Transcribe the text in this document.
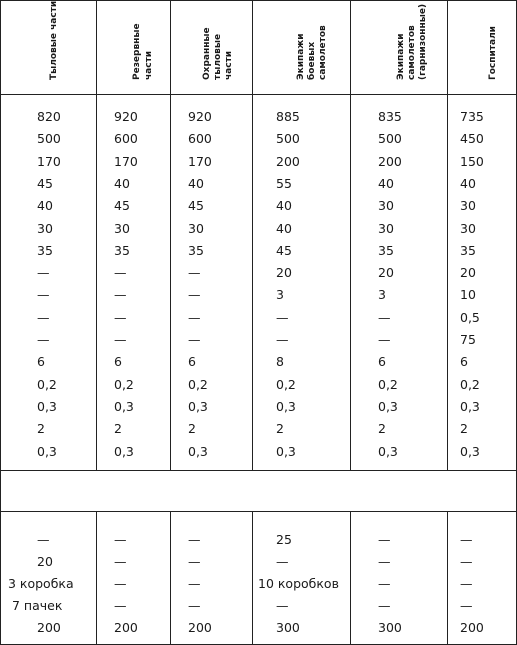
Тыловые части	Резервные части	Охранные тыловые части	Экипажи боевых самолетов	Экипажи самолетов (гарнизонные)	Госпитали
820	920	920	885	835	735
500	600	600	500	500	450
170	170	170	200	200	150
45	40	40	55	40	40
40	45	45	40	30	30
30	30	30	40	30	30
35	35	35	45	35	35
—	—	—	20	20	20
—	—	—	3	3	10
—	—	—	—	—	0,5
—	—	—	—	—	75
6	6	6	8	6	6
0,2	0,2	0,2	0,2	0,2	0,2
0,3	0,3	0,3	0,3	0,3	0,3
2	2	2	2	2	2
0,3	0,3	0,3	0,3	0,3	0,3
—	—	—	25	—	—
20	—	—	—	—	—
3 коробка	—	—	10 коробков	—	—
7 пачек	—	—	—	—	—
200	200	200	300	300	200
